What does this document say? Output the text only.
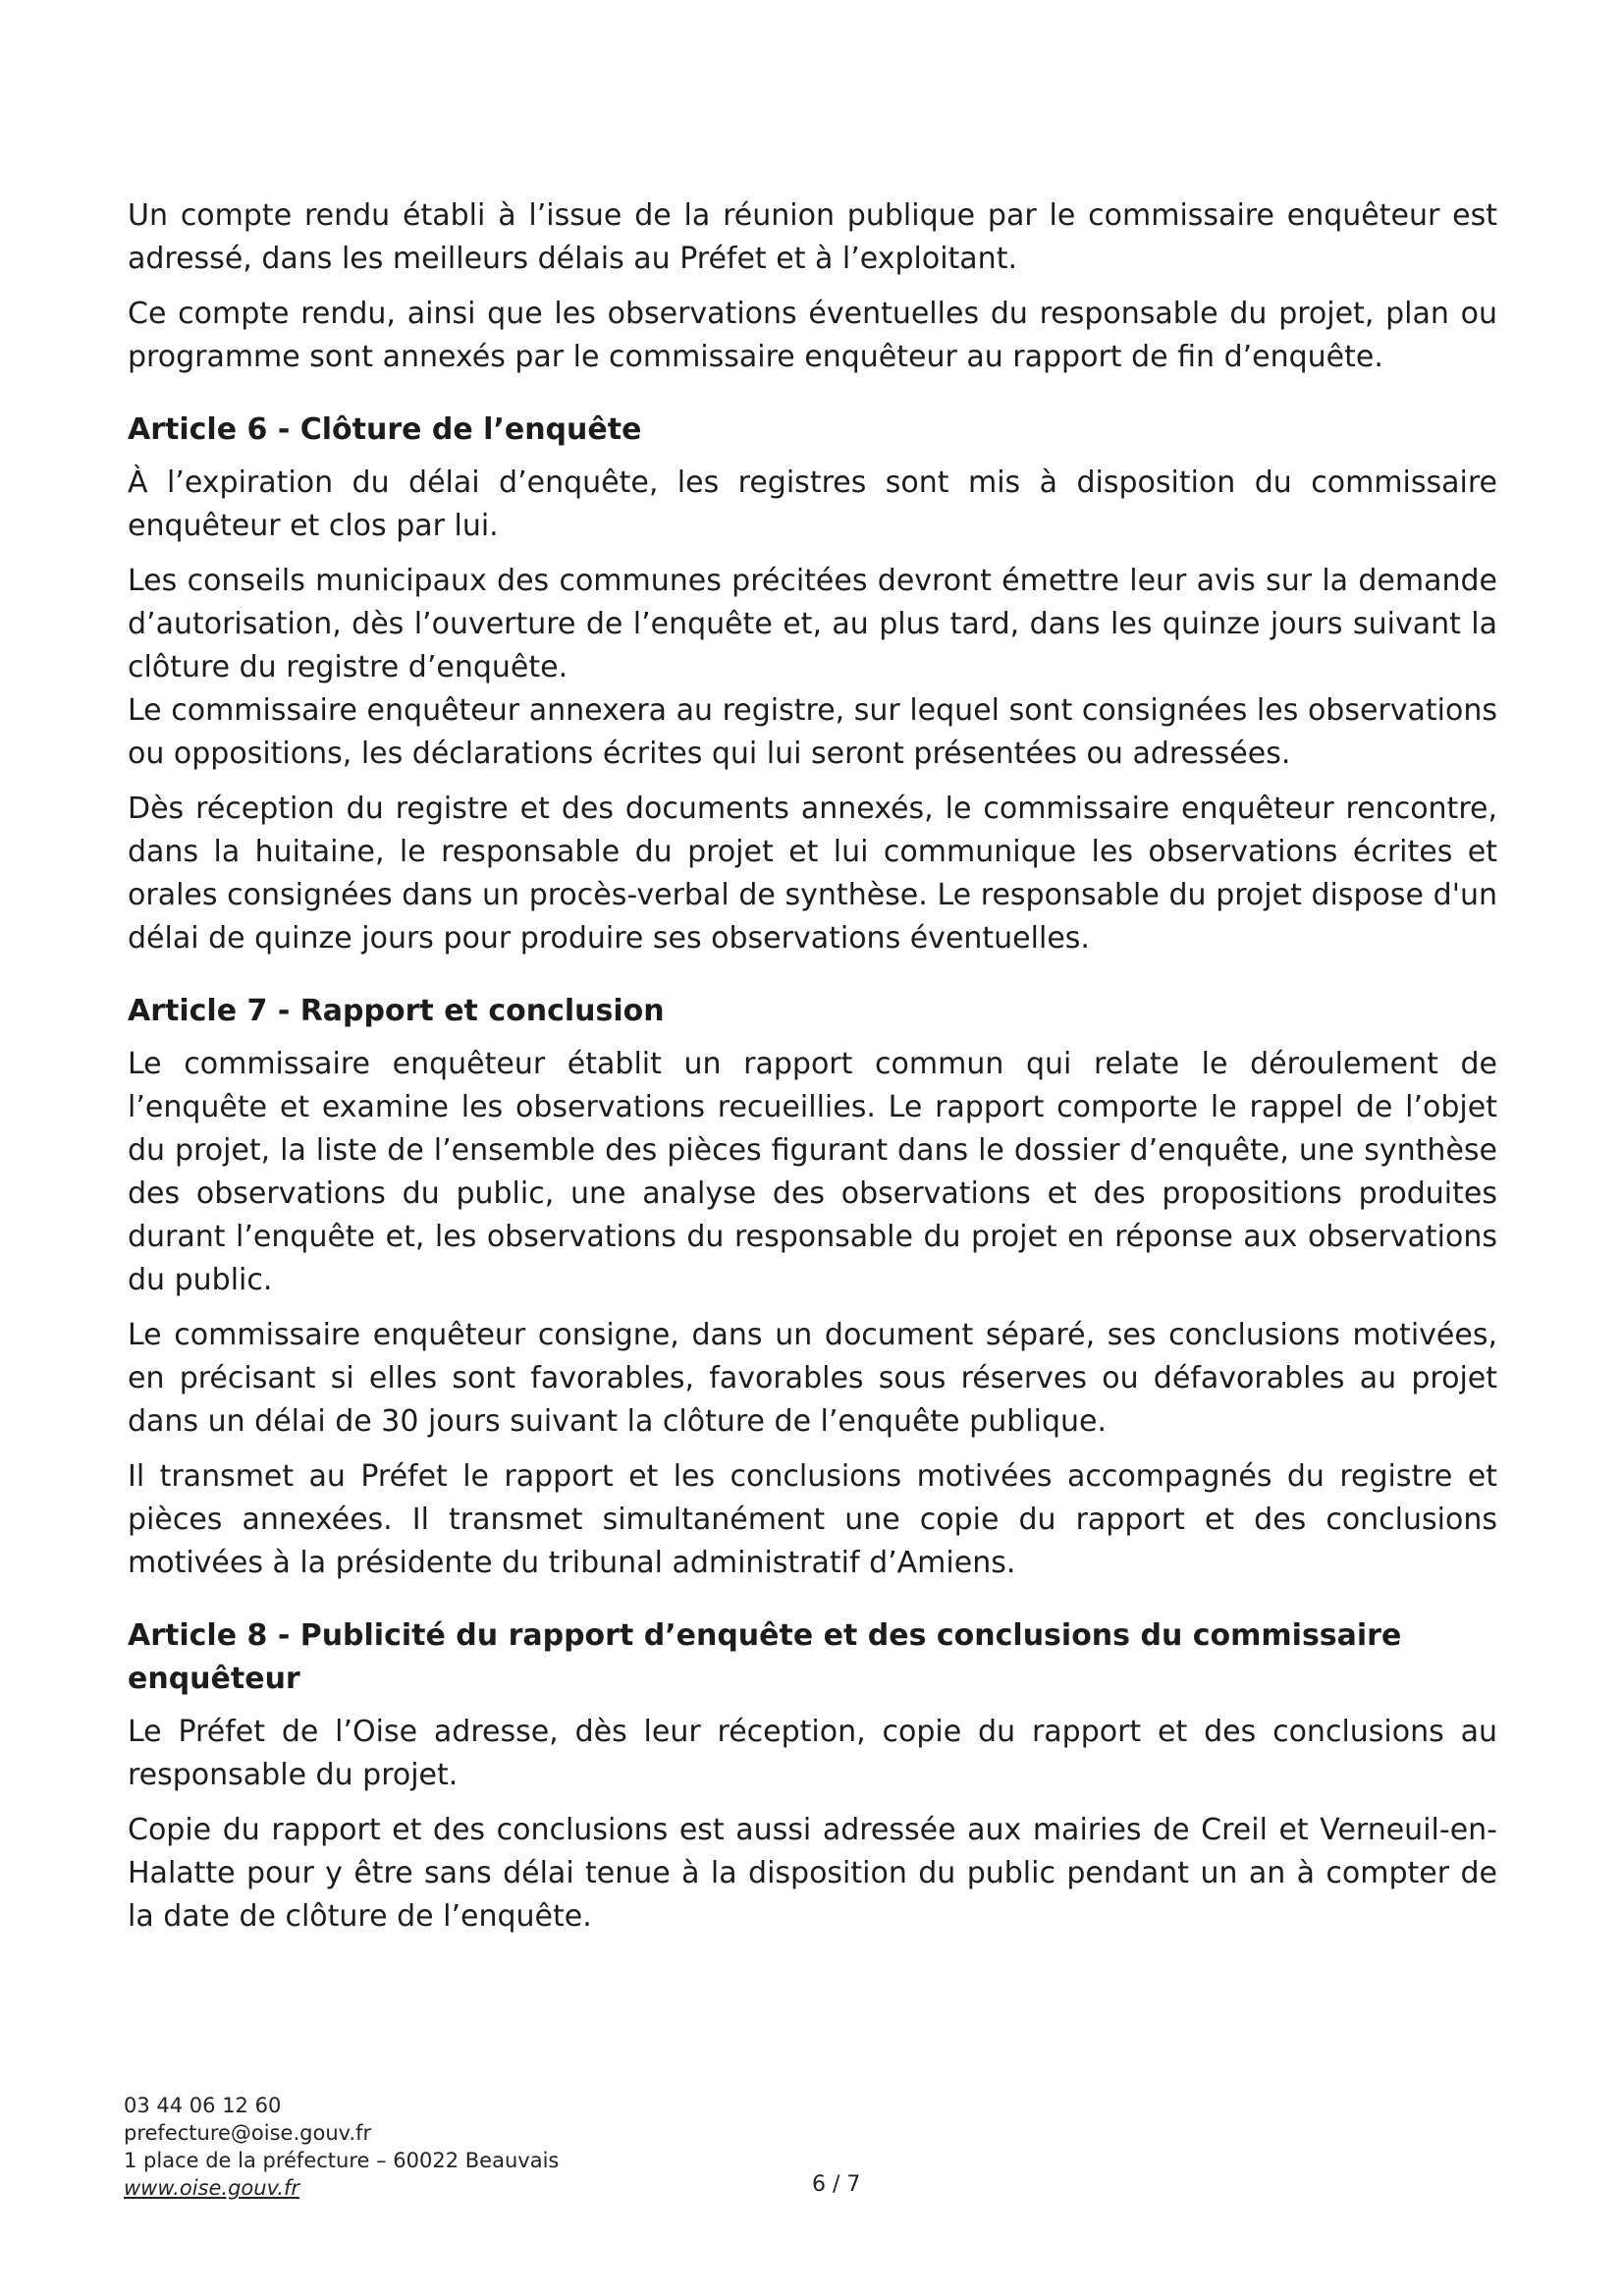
Un compte rendu établi à l’issue de la réunion publique par le commissaire enquêteur est adressé, dans les meilleurs délais au Préfet et à l’exploitant.

Ce compte rendu, ainsi que les observations éventuelles du responsable du projet, plan ou programme sont annexés par le commissaire enquêteur au rapport de fin d’enquête.

Article 6 - Clôture de l’enquête

À l’expiration du délai d’enquête, les registres sont mis à disposition du commissaire enquêteur et clos par lui.

Les conseils municipaux des communes précitées devront émettre leur avis sur la demande d’autorisation, dès l’ouverture de l’enquête et, au plus tard, dans les quinze jours suivant la clôture du registre d’enquête.

Le commissaire enquêteur annexera au registre, sur lequel sont consignées les observations ou oppositions, les déclarations écrites qui lui seront présentées ou adressées.

Dès réception du registre et des documents annexés, le commissaire enquêteur rencontre, dans la huitaine, le responsable du projet et lui communique les observations écrites et orales consignées dans un procès-verbal de synthèse. Le responsable du projet dispose d'un délai de quinze jours pour produire ses observations éventuelles.

Article 7 - Rapport et conclusion

Le commissaire enquêteur établit un rapport commun qui relate le déroulement de l’enquête et examine les observations recueillies. Le rapport comporte le rappel de l’objet du projet, la liste de l’ensemble des pièces figurant dans le dossier d’enquête, une synthèse des observations du public, une analyse des observations et des propositions produites durant l’enquête et, les observations du responsable du projet en réponse aux observations du public.

Le commissaire enquêteur consigne, dans un document séparé, ses conclusions motivées, en précisant si elles sont favorables, favorables sous réserves ou défavorables au projet dans un délai de 30 jours suivant la clôture de l’enquête publique.

Il transmet au Préfet le rapport et les conclusions motivées accompagnés du registre et pièces annexées. Il transmet simultanément une copie du rapport et des conclusions motivées à la présidente du tribunal administratif d’Amiens.

Article 8 - Publicité du rapport d’enquête et des conclusions du commissaire enquêteur

Le Préfet de l’Oise adresse, dès leur réception, copie du rapport et des conclusions au responsable du projet.

Copie du rapport et des conclusions est aussi adressée aux mairies de Creil et Verneuil-en-Halatte pour y être sans délai tenue à la disposition du public pendant un an à compter de la date de clôture de l’enquête.

03 44 06 12 60
prefecture@oise.gouv.fr
1 place de la préfecture – 60022 Beauvais
www.oise.gouv.fr	6 / 7
